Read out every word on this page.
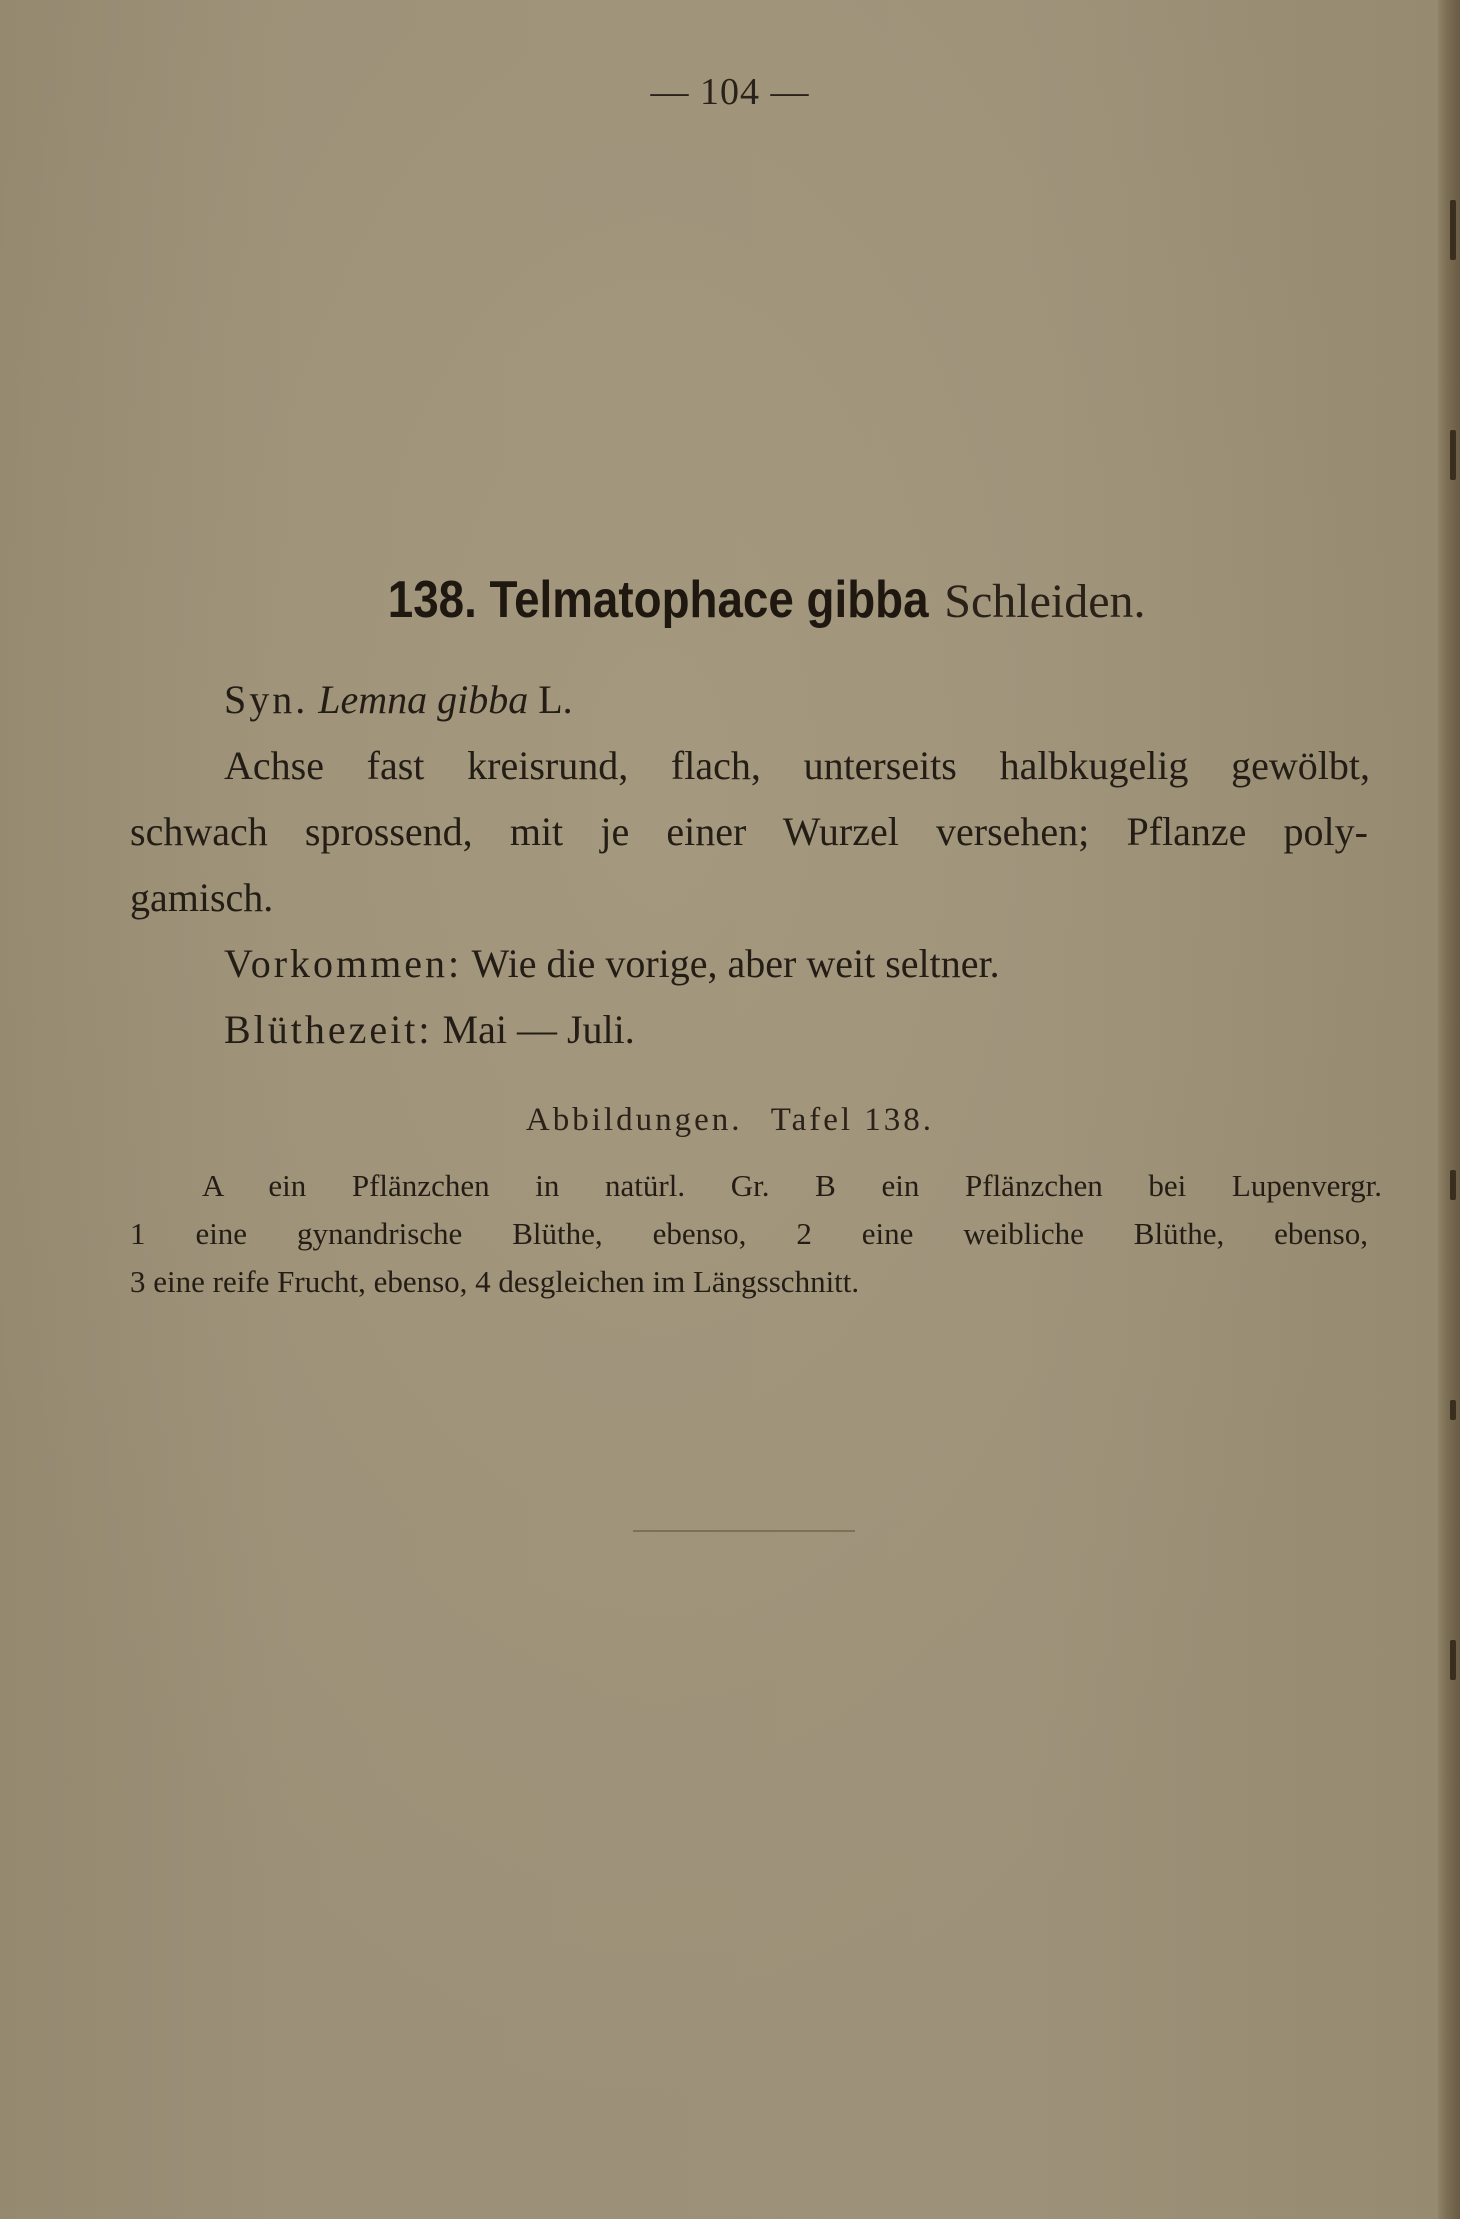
— 104 —
138. Telmatophace gibba Schleiden.
Syn. Lemna gibba L.
Achse fast kreisrund, flach, unterseits halbkugelig gewölbt,
schwach sprossend, mit je einer Wurzel versehen; Pflanze poly-
gamisch.
Vorkommen: Wie die vorige, aber weit seltner.
Blüthezeit: Mai — Juli.
Abbildungen. Tafel 138.
A ein Pflänzchen in natürl. Gr. B ein Pflänzchen bei Lupenvergr.
1 eine gynandrische Blüthe, ebenso, 2 eine weibliche Blüthe, ebenso,
3 eine reife Frucht, ebenso, 4 desgleichen im Längsschnitt.
